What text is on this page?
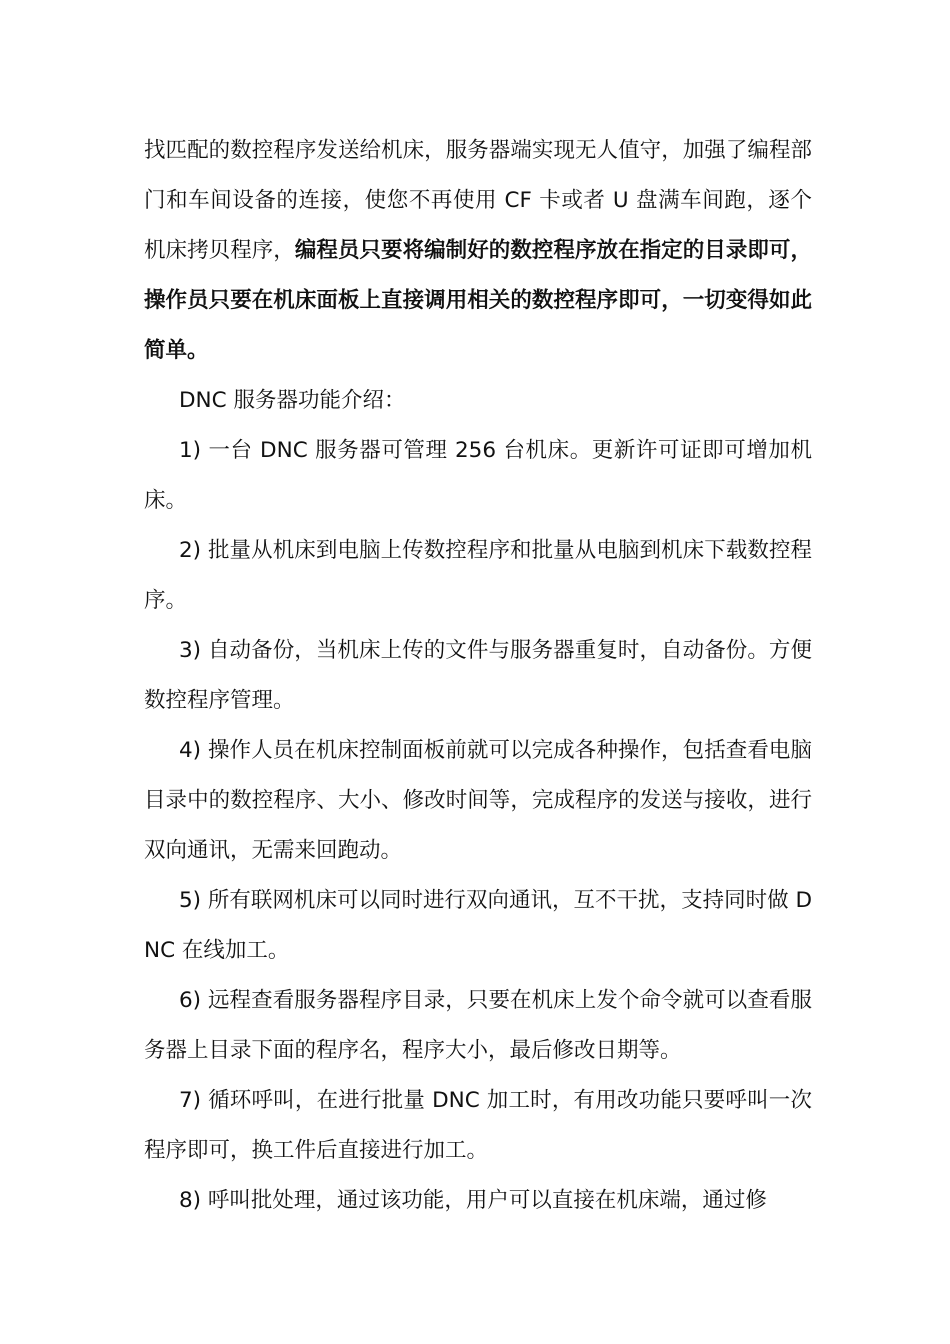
找匹配的数控程序发送给机床，服务器端实现无人值守，加强了编程部门和车间设备的连接，使您不再使用 CF 卡或者 U 盘满车间跑，逐个机床拷贝程序，编程员只要将编制好的数控程序放在指定的目录即可，操作员只要在机床面板上直接调用相关的数控程序即可，一切变得如此简单。

DNC 服务器功能介绍：

1) 一台 DNC 服务器可管理 256 台机床。更新许可证即可增加机床。

2) 批量从机床到电脑上传数控程序和批量从电脑到机床下载数控程序。

3) 自动备份，当机床上传的文件与服务器重复时，自动备份。方便数控程序管理。

4) 操作人员在机床控制面板前就可以完成各种操作，包括查看电脑目录中的数控程序、大小、修改时间等，完成程序的发送与接收，进行双向通讯，无需来回跑动。

5) 所有联网机床可以同时进行双向通讯，互不干扰，支持同时做 DNC 在线加工。

6) 远程查看服务器程序目录，只要在机床上发个命令就可以查看服务器上目录下面的程序名，程序大小，最后修改日期等。

7) 循环呼叫，在进行批量 DNC 加工时，有用改功能只要呼叫一次程序即可，换工件后直接进行加工。

8) 呼叫批处理，通过该功能，用户可以直接在机床端，通过修
